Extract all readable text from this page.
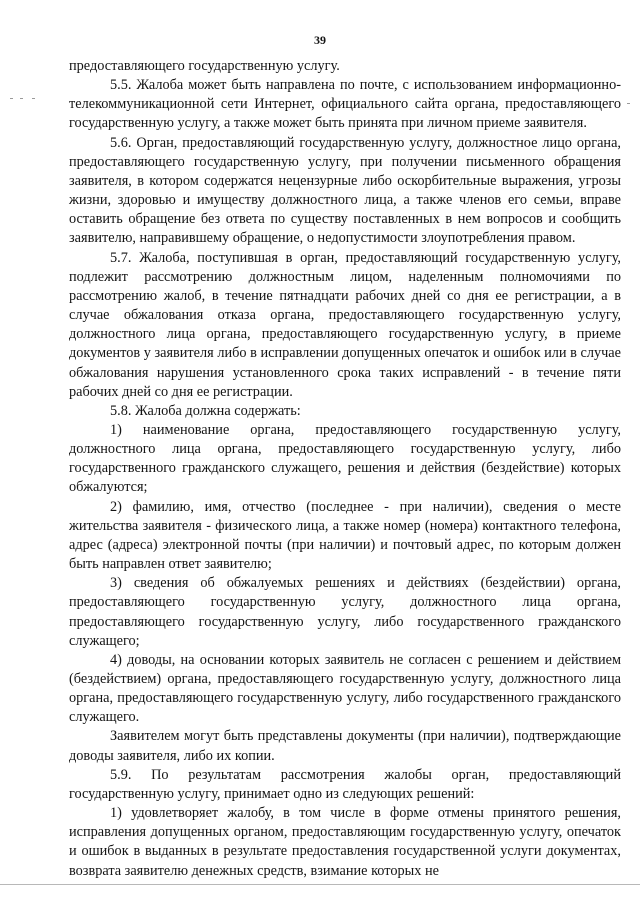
39

предоставляющего государственную услугу.

5.5. Жалоба может быть направлена по почте, с использованием информационно-телекоммуникационной сети Интернет, официального сайта органа, предоставляющего государственную услугу, а также может быть принята при личном приеме заявителя.

5.6. Орган, предоставляющий государственную услугу, должностное лицо органа, предоставляющего государственную услугу, при получении письменного обращения заявителя, в котором содержатся нецензурные либо оскорбительные выражения, угрозы жизни, здоровью и имуществу должностного лица, а также членов его семьи, вправе оставить обращение без ответа по существу поставленных в нем вопросов и сообщить заявителю, направившему обращение, о недопустимости злоупотребления правом.

5.7. Жалоба, поступившая в орган, предоставляющий государственную услугу, подлежит рассмотрению должностным лицом, наделенным полномочиями по рассмотрению жалоб, в течение пятнадцати рабочих дней со дня ее регистрации, а в случае обжалования отказа органа, предоставляющего государственную услугу, должностного лица органа, предоставляющего государственную услугу, в приеме документов у заявителя либо в исправлении допущенных опечаток и ошибок или в случае обжалования нарушения установленного срока таких исправлений - в течение пяти рабочих дней со дня ее регистрации.

5.8. Жалоба должна содержать:

1) наименование органа, предоставляющего государственную услугу, должностного лица органа, предоставляющего государственную услугу, либо государственного гражданского служащего, решения и действия (бездействие) которых обжалуются;

2) фамилию, имя, отчество (последнее - при наличии), сведения о месте жительства заявителя - физического лица, а также номер (номера) контактного телефона, адрес (адреса) электронной почты (при наличии) и почтовый адрес, по которым должен быть направлен ответ заявителю;

3) сведения об обжалуемых решениях и действиях (бездействии) органа, предоставляющего государственную услугу, должностного лица органа, предоставляющего государственную услугу, либо государственного гражданского служащего;

4) доводы, на основании которых заявитель не согласен с решением и действием (бездействием) органа, предоставляющего государственную услугу, должностного лица органа, предоставляющего государственную услугу, либо государственного гражданского служащего.

Заявителем могут быть представлены документы (при наличии), подтверждающие доводы заявителя, либо их копии.

5.9. По результатам рассмотрения жалобы орган, предоставляющий государственную услугу, принимает одно из следующих решений:

1) удовлетворяет жалобу, в том числе в форме отмены принятого решения, исправления допущенных органом, предоставляющим государственную услугу, опечаток и ошибок в выданных в результате предоставления государственной услуги документах, возврата заявителю денежных средств, взимание которых не
